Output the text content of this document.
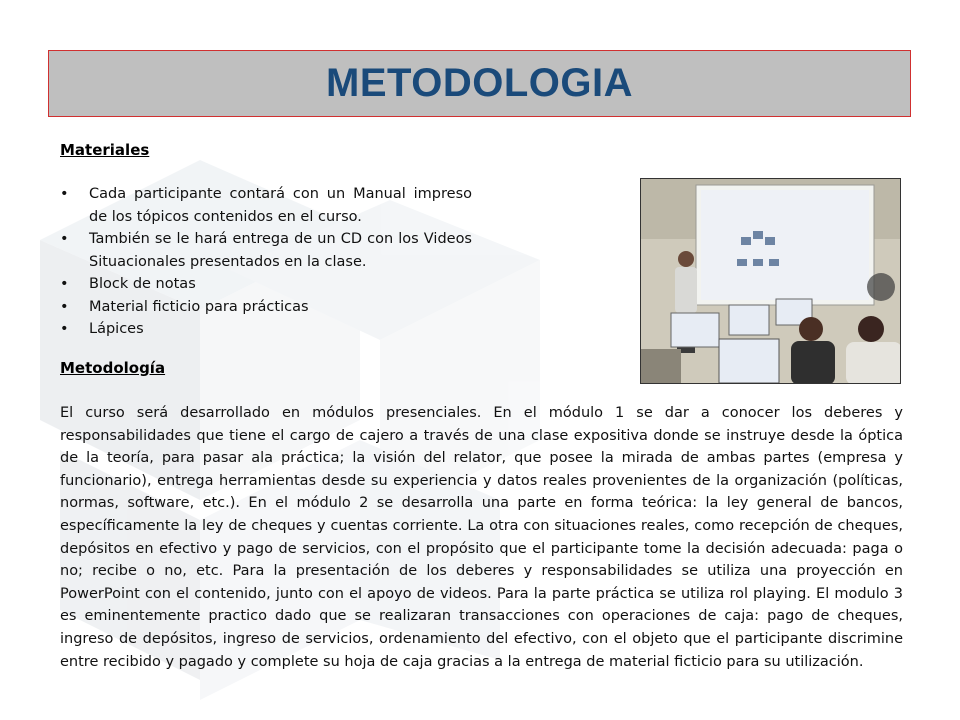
METODOLOGIA
Materiales
• Cada participante contará con un Manual impreso de los tópicos contenidos en el curso.
• También se le hará entrega de un CD con los Videos Situacionales presentados en la clase.
• Block de notas
• Material ficticio para prácticas
• Lápices
Metodología

El curso será desarrollado en módulos presenciales. En el módulo 1 se dar a conocer los deberes y responsabilidades que tiene el cargo de cajero a través de una clase expositiva donde se instruye desde la óptica de la teoría, para pasar ala práctica; la visión del relator, que posee la mirada de ambas partes (empresa y funcionario), entrega herramientas desde su experiencia y datos reales provenientes de la organización (políticas, normas, software, etc.). En el módulo 2 se desarrolla una parte en forma teórica: la ley general de bancos, específicamente la ley de cheques y cuentas corriente. La otra con situaciones reales, como recepción de cheques, depósitos en efectivo y pago de servicios, con el propósito que el participante tome la decisión adecuada: paga o no; recibe o no, etc. Para la presentación de los deberes y responsabilidades se utiliza una proyección en PowerPoint con el contenido, junto con el apoyo de videos. Para la parte práctica se utiliza rol playing. El modulo 3 es eminentemente practico dado que se realizaran transacciones con operaciones de caja: pago de cheques, ingreso de depósitos, ingreso de servicios, ordenamiento del efectivo, con el objeto que el participante discrimine entre recibido y pagado y complete su hoja de caja gracias a la entrega de material ficticio para su utilización.
